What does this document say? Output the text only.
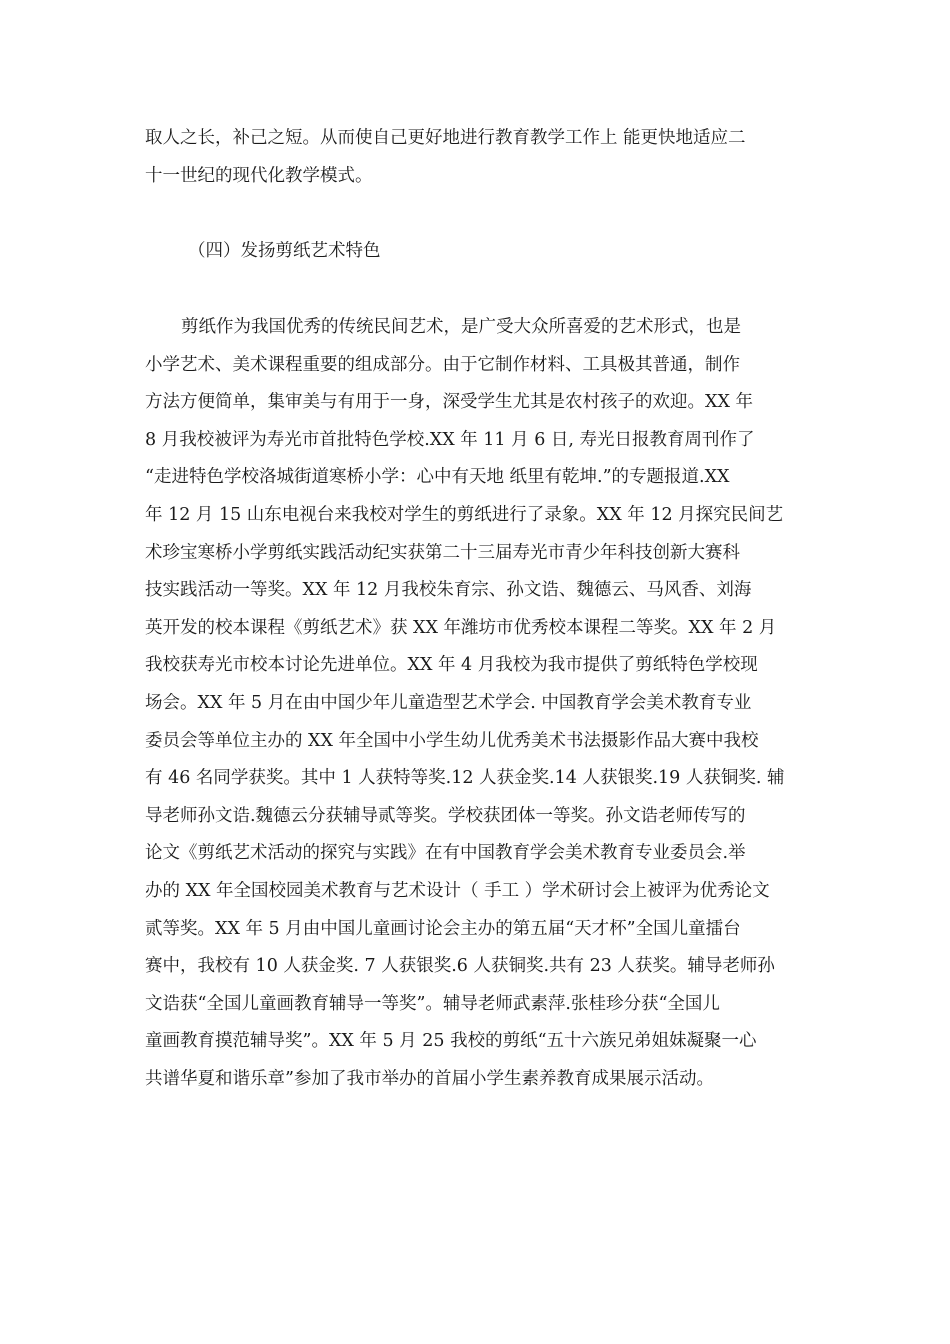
取人之长，补己之短。从而使自己更好地进行教育教学工作上 能更快地适应二
十一世纪的现代化教学模式。
（四）发扬剪纸艺术特色
剪纸作为我国优秀的传统民间艺术，是广受大众所喜爱的艺术形式，也是
小学艺术、美术课程重要的组成部分。由于它制作材料、工具极其普通，制作
方法方便简单，集审美与有用于一身，深受学生尤其是农村孩子的欢迎。XX 年
8 月我校被评为寿光市首批特色学校.XX 年 11 月 6 日, 寿光日报教育周刊作了
“走进特色学校洛城街道寒桥小学：心中有天地 纸里有乾坤.”的专题报道.XX
年 12 月 15 山东电视台来我校对学生的剪纸进行了录象。XX 年 12 月探究民间艺
术珍宝寒桥小学剪纸实践活动纪实获第二十三届寿光市青少年科技创新大赛科
技实践活动一等奖。XX 年 12 月我校朱育宗、孙文诰、魏德云、马风香、刘海
英开发的校本课程《剪纸艺术》获 XX 年潍坊市优秀校本课程二等奖。XX 年 2 月
我校获寿光市校本讨论先进单位。XX 年 4 月我校为我市提供了剪纸特色学校现
场会。XX 年 5 月在由中国少年儿童造型艺术学会. 中国教育学会美术教育专业
委员会等单位主办的 XX 年全国中小学生幼儿优秀美术书法摄影作品大赛中我校
有 46 名同学获奖。其中 1 人获特等奖.12 人获金奖.14 人获银奖.19 人获铜奖. 辅
导老师孙文诰.魏德云分获辅导贰等奖。学校获团体一等奖。孙文诰老师传写的
论文《剪纸艺术活动的探究与实践》在有中国教育学会美术教育专业委员会.举
办的 XX 年全国校园美术教育与艺术设计（ 手工 ）学术研讨会上被评为优秀论文
贰等奖。XX 年 5 月由中国儿童画讨论会主办的第五届“天才杯”全国儿童擂台
赛中，我校有 10 人获金奖. 7 人获银奖.6 人获铜奖.共有 23 人获奖。辅导老师孙
文诰获“全国儿童画教育辅导一等奖”。辅导老师武素萍.张桂珍分获“全国儿
童画教育摸范辅导奖”。XX 年 5 月 25 我校的剪纸“五十六族兄弟姐妹凝聚一心
共谱华夏和谐乐章”参加了我市举办的首届小学生素养教育成果展示活动。
